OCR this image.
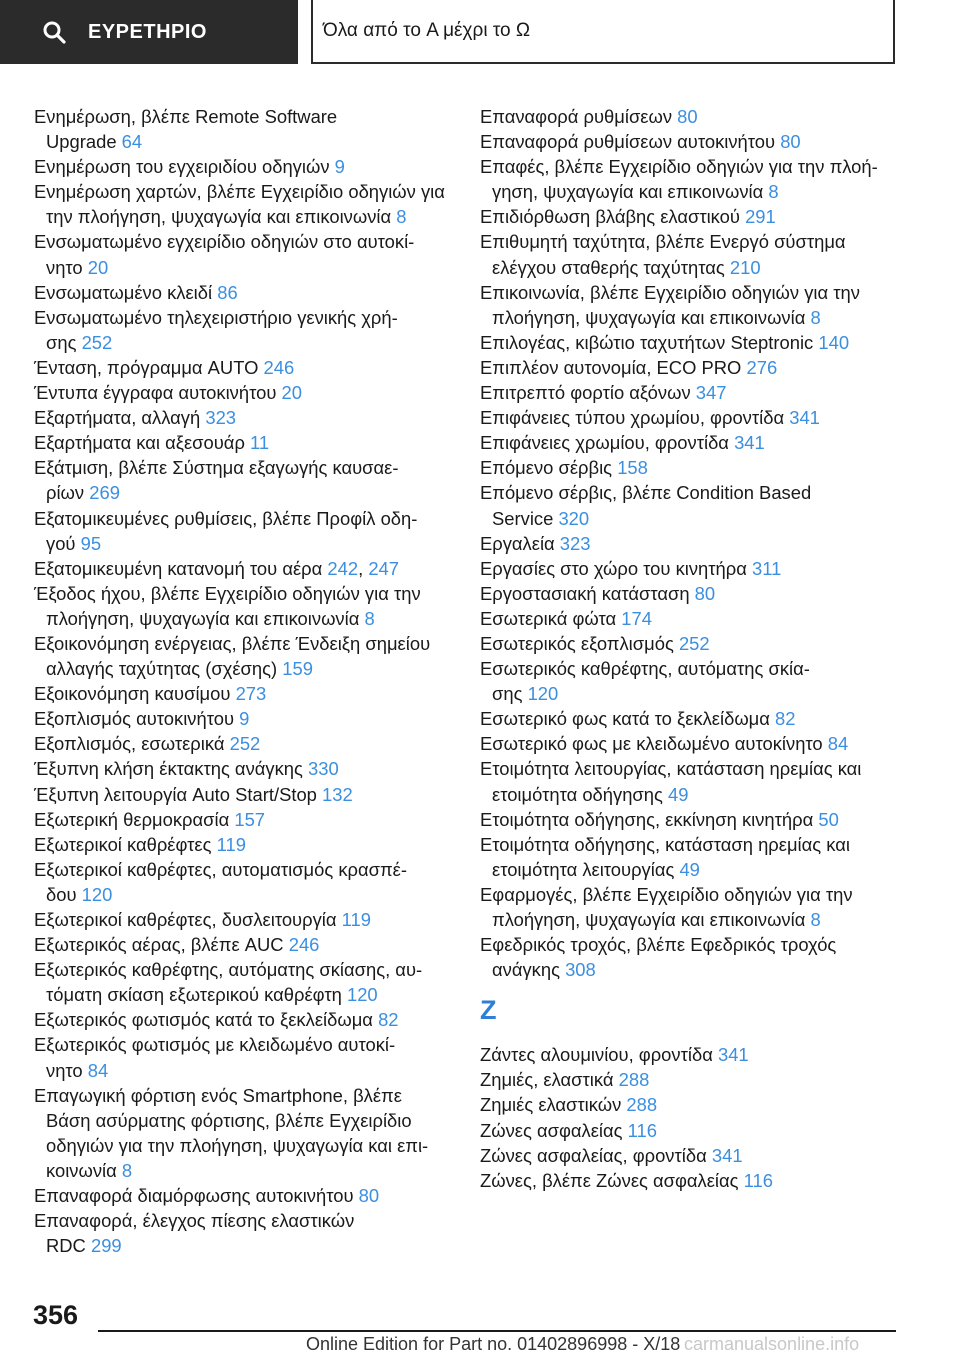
ΕΥΡΕΤΗΡΙΟ	Όλα από το A μέχρι το Ω
Ενημέρωση, βλέπε Remote Software
Upgrade 64
Ενημέρωση του εγχειριδίου οδηγιών 9
Ενημέρωση χαρτών, βλέπε Εγχειρίδιο οδηγιών για
την πλοήγηση, ψυχαγωγία και επικοινωνία 8
Ενσωματωμένο εγχειρίδιο οδηγιών στο αυτοκί‐
νητο 20
Ενσωματωμένο κλειδί 86
Ενσωματωμένο τηλεχειριστήριο γενικής χρή‐
σης 252
Ένταση, πρόγραμμα AUTO 246
Έντυπα έγγραφα αυτοκινήτου 20
Εξαρτήματα, αλλαγή 323
Εξαρτήματα και αξεσουάρ 11
Εξάτμιση, βλέπε Σύστημα εξαγωγής καυσαε‐
ρίων 269
Εξατομικευμένες ρυθμίσεις, βλέπε Προφίλ οδη‐
γού 95
Εξατομικευμένη κατανομή του αέρα 242, 247
Έξοδος ήχου, βλέπε Εγχειρίδιο οδηγιών για την
πλοήγηση, ψυχαγωγία και επικοινωνία 8
Εξοικονόμηση ενέργειας, βλέπε Ένδειξη σημείου
αλλαγής ταχύτητας (σχέσης) 159
Εξοικονόμηση καυσίμου 273
Εξοπλισμός αυτοκινήτου 9
Εξοπλισμός, εσωτερικά 252
Έξυπνη κλήση έκτακτης ανάγκης 330
Έξυπνη λειτουργία Auto Start/Stop 132
Εξωτερική θερμοκρασία 157
Εξωτερικοί καθρέφτες 119
Εξωτερικοί καθρέφτες, αυτοματισμός κρασπέ‐
δου 120
Εξωτερικοί καθρέφτες, δυσλειτουργία 119
Εξωτερικός αέρας, βλέπε AUC 246
Εξωτερικός καθρέφτης, αυτόματης σκίασης, αυ‐
τόματη σκίαση εξωτερικού καθρέφτη 120
Εξωτερικός φωτισμός κατά το ξεκλείδωμα 82
Εξωτερικός φωτισμός με κλειδωμένο αυτοκί‐
νητο 84
Επαγωγική φόρτιση ενός Smartphone, βλέπε
Βάση ασύρματης φόρτισης, βλέπε Εγχειρίδιο
οδηγιών για την πλοήγηση, ψυχαγωγία και επι‐
κοινωνία 8
Επαναφορά διαμόρφωσης αυτοκινήτου 80
Επαναφορά, έλεγχος πίεσης ελαστικών
RDC 299
Επαναφορά ρυθμίσεων 80
Επαναφορά ρυθμίσεων αυτοκινήτου 80
Επαφές, βλέπε Εγχειρίδιο οδηγιών για την πλοή‐
γηση, ψυχαγωγία και επικοινωνία 8
Επιδιόρθωση βλάβης ελαστικού 291
Επιθυμητή ταχύτητα, βλέπε Ενεργό σύστημα
ελέγχου σταθερής ταχύτητας 210
Επικοινωνία, βλέπε Εγχειρίδιο οδηγιών για την
πλοήγηση, ψυχαγωγία και επικοινωνία 8
Επιλογέας, κιβώτιο ταχυτήτων Steptronic 140
Επιπλέον αυτονομία, ECO PRO 276
Επιτρεπτό φορτίο αξόνων 347
Επιφάνειες τύπου χρωμίου, φροντίδα 341
Επιφάνειες χρωμίου, φροντίδα 341
Επόμενο σέρβις 158
Επόμενο σέρβις, βλέπε Condition Based
Service 320
Εργαλεία 323
Εργασίες στο χώρο του κινητήρα 311
Εργοστασιακή κατάσταση 80
Εσωτερικά φώτα 174
Εσωτερικός εξοπλισμός 252
Εσωτερικός καθρέφτης, αυτόματης σκία‐
σης 120
Εσωτερικό φως κατά το ξεκλείδωμα 82
Εσωτερικό φως με κλειδωμένο αυτοκίνητο 84
Ετοιμότητα λειτουργίας, κατάσταση ηρεμίας και
ετοιμότητα οδήγησης 49
Ετοιμότητα οδήγησης, εκκίνηση κινητήρα 50
Ετοιμότητα οδήγησης, κατάσταση ηρεμίας και
ετοιμότητα λειτουργίας 49
Εφαρμογές, βλέπε Εγχειρίδιο οδηγιών για την
πλοήγηση, ψυχαγωγία και επικοινωνία 8
Εφεδρικός τροχός, βλέπε Εφεδρικός τροχός
ανάγκης 308
Z
Ζάντες αλουμινίου, φροντίδα 341
Ζημιές, ελαστικά 288
Ζημιές ελαστικών 288
Ζώνες ασφαλείας 116
Ζώνες ασφαλείας, φροντίδα 341
Ζώνες, βλέπε Ζώνες ασφαλείας 116
356
Online Edition for Part no. 01402896998 - X/18 carmanualsonline.info
